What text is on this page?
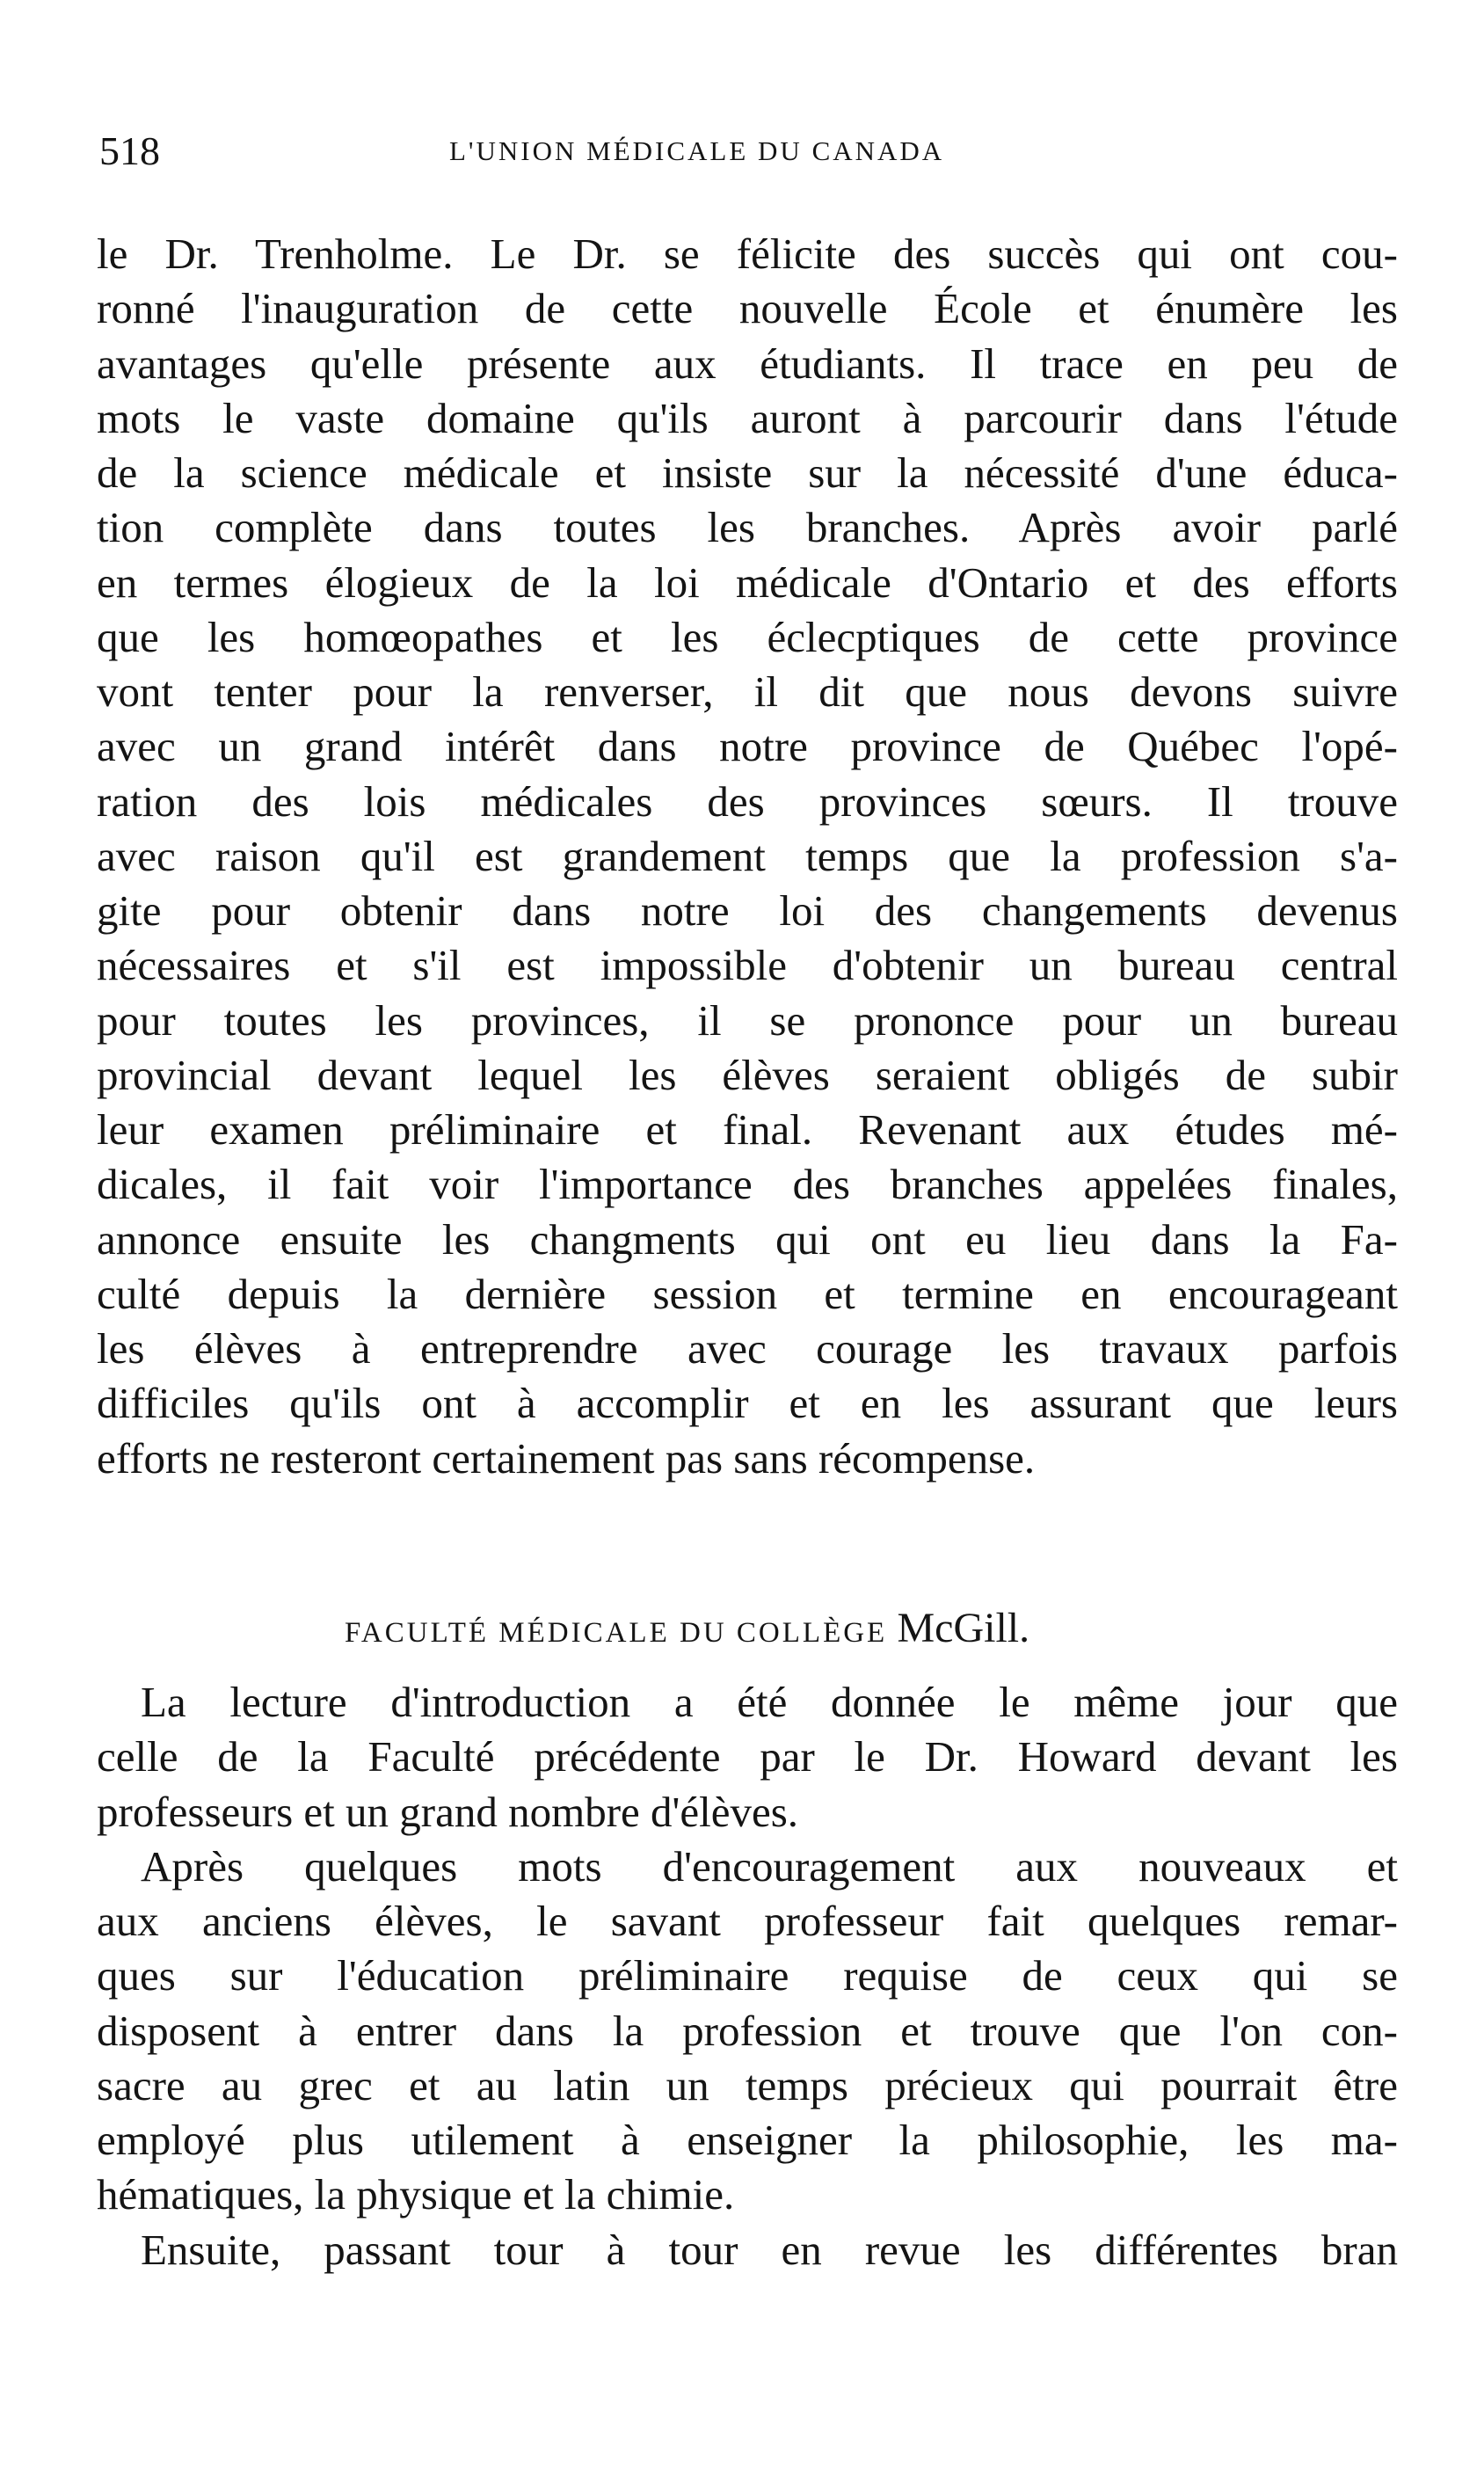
518	L'UNION MÉDICALE DU CANADA
le Dr. Trenholme. Le Dr. se félicite des succès qui ont cou-
ronné l'inauguration de cette nouvelle École et énumère les
avantages qu'elle présente aux étudiants. Il trace en peu de
mots le vaste domaine qu'ils auront à parcourir dans l'étude
de la science médicale et insiste sur la nécessité d'une éduca-
tion complète dans toutes les branches. Après avoir parlé
en termes élogieux de la loi médicale d'Ontario et des efforts
que les homœopathes et les éclecptiques de cette province
vont tenter pour la renverser, il dit que nous devons suivre
avec un grand intérêt dans notre province de Québec l'opé-
ration des lois médicales des provinces sœurs. Il trouve
avec raison qu'il est grandement temps que la profession s'a-
gite pour obtenir dans notre loi des changements devenus
nécessaires et s'il est impossible d'obtenir un bureau central
pour toutes les provinces, il se prononce pour un bureau
provincial devant lequel les élèves seraient obligés de subir
leur examen préliminaire et final. Revenant aux études mé-
dicales, il fait voir l'importance des branches appelées finales,
annonce ensuite les changments qui ont eu lieu dans la Fa-
culté depuis la dernière session et termine en encourageant
les élèves à entreprendre avec courage les travaux parfois
difficiles qu'ils ont à accomplir et en les assurant que leurs
efforts ne resteront certainement pas sans récompense.
FACULTÉ MÉDICALE DU COLLÈGE McGill.
La lecture d'introduction a été donnée le même jour que
celle de la Faculté précédente par le Dr. Howard devant les
professeurs et un grand nombre d'élèves.
Après quelques mots d'encouragement aux nouveaux et
aux anciens élèves, le savant professeur fait quelques remar-
ques sur l'éducation préliminaire requise de ceux qui se
disposent à entrer dans la profession et trouve que l'on con-
sacre au grec et au latin un temps précieux qui pourrait être
employé plus utilement à enseigner la philosophie, les ma-
hématiques, la physique et la chimie.
Ensuite, passant tour à tour en revue les différentes bran
